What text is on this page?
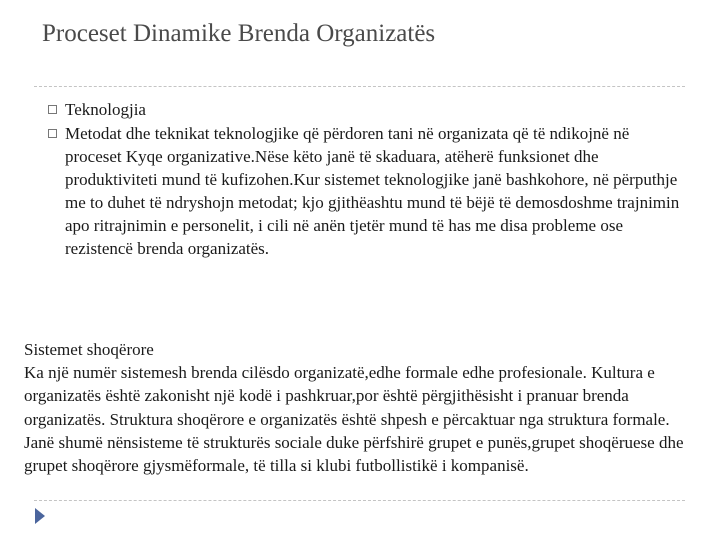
Proceset Dinamike Brenda Organizatës
Teknologjia
Metodat dhe teknikat teknologjike që përdoren tani në organizata që të ndikojnë në proceset Kyqe organizative.Nëse këto janë të skaduara, atëherë funksionet dhe produktiviteti mund të kufizohen.Kur sistemet teknologjike janë bashkohore, në përputhje me to duhet të ndryshojn metodat; kjo gjithëashtu mund të bëjë të demosdoshme trajnimin apo ritrajnimin e personelit, i cili në anën tjetër mund të has me disa probleme ose rezistencë brenda organizatës.
Sistemet shoqërore
Ka një numër sistemesh brenda cilësdo organizatë,edhe formale edhe profesionale. Kultura e organizatës është zakonisht një kodë i pashkruar,por është përgjithësisht i pranuar brenda organizatës. Struktura shoqërore e organizatës është shpesh e përcaktuar nga struktura formale. Janë shumë nënsisteme të strukturës sociale duke përfshirë grupet e punës,grupet shoqëruese dhe grupet shoqërore gjysmëformale, të tilla si klubi futbollistikë i kompanisë.
